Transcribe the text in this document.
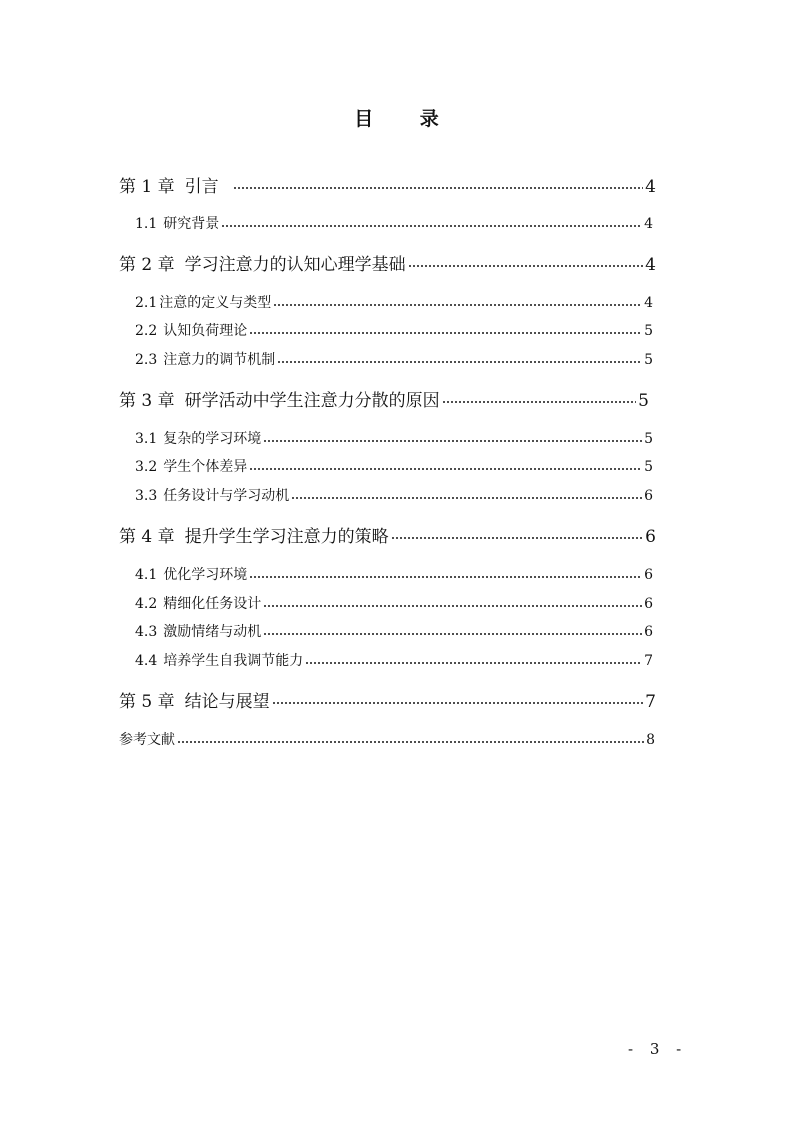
目 录
第 1 章 引言	4
1.1 研究背景	4
第 2 章 学习注意力的认知心理学基础	4
2.1 注意的定义与类型	4
2.2 认知负荷理论	5
2.3 注意力的调节机制	5
第 3 章 研学活动中学生注意力分散的原因	5
3.1 复杂的学习环境	5
3.2 学生个体差异	5
3.3 任务设计与学习动机	6
第 4 章 提升学生学习注意力的策略	6
4.1 优化学习环境	6
4.2 精细化任务设计	6
4.3 激励情绪与动机	6
4.4 培养学生自我调节能力	7
第 5 章 结论与展望	7
参考文献	8
- 3 -
